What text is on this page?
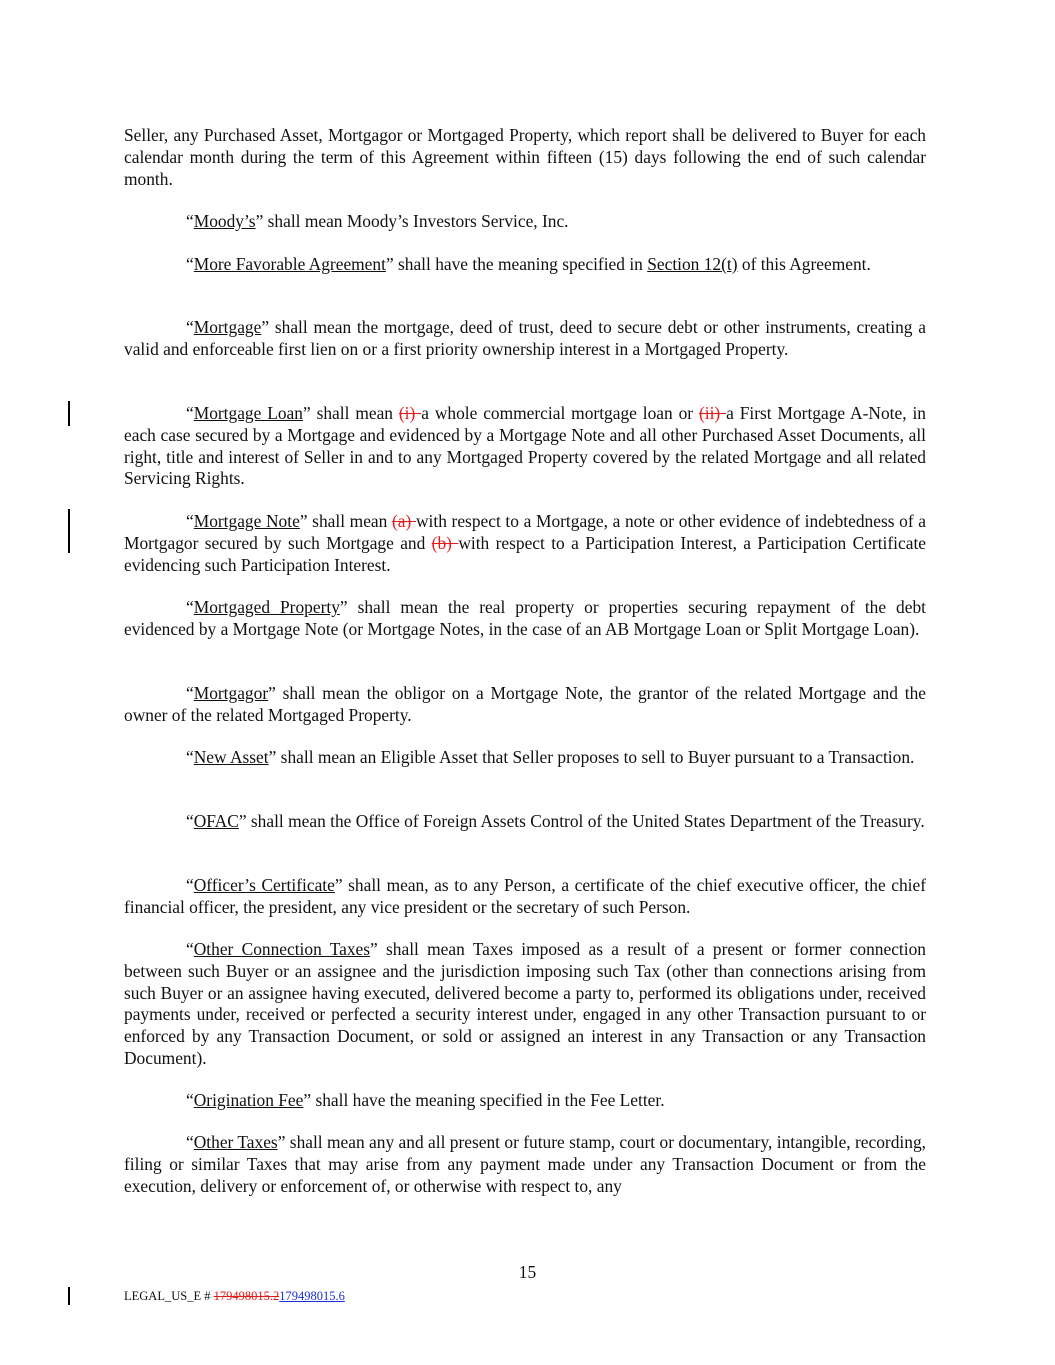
Seller, any Purchased Asset, Mortgagor or Mortgaged Property, which report shall be delivered to Buyer for each calendar month during the term of this Agreement within fifteen (15) days following the end of such calendar month.

“Moody’s” shall mean Moody’s Investors Service, Inc.

“More Favorable Agreement” shall have the meaning specified in Section 12(t) of this Agreement.

“Mortgage” shall mean the mortgage, deed of trust, deed to secure debt or other instruments, creating a valid and enforceable first lien on or a first priority ownership interest in a Mortgaged Property.

“Mortgage Loan” shall mean (i) a whole commercial mortgage loan or (ii) a First Mortgage A-Note, in each case secured by a Mortgage and evidenced by a Mortgage Note and all other Purchased Asset Documents, all right, title and interest of Seller in and to any Mortgaged Property covered by the related Mortgage and all related Servicing Rights.

“Mortgage Note” shall mean (a) with respect to a Mortgage, a note or other evidence of indebtedness of a Mortgagor secured by such Mortgage and (b) with respect to a Participation Interest, a Participation Certificate evidencing such Participation Interest.

“Mortgaged Property” shall mean the real property or properties securing repayment of the debt evidenced by a Mortgage Note (or Mortgage Notes, in the case of an AB Mortgage Loan or Split Mortgage Loan).

“Mortgagor” shall mean the obligor on a Mortgage Note, the grantor of the related Mortgage and the owner of the related Mortgaged Property.

“New Asset” shall mean an Eligible Asset that Seller proposes to sell to Buyer pursuant to a Transaction.

“OFAC” shall mean the Office of Foreign Assets Control of the United States Department of the Treasury.

“Officer’s Certificate” shall mean, as to any Person, a certificate of the chief executive officer, the chief financial officer, the president, any vice president or the secretary of such Person.

“Other Connection Taxes” shall mean Taxes imposed as a result of a present or former connection between such Buyer or an assignee and the jurisdiction imposing such Tax (other than connections arising from such Buyer or an assignee having executed, delivered become a party to, performed its obligations under, received payments under, received or perfected a security interest under, engaged in any other Transaction pursuant to or enforced by any Transaction Document, or sold or assigned an interest in any Transaction or any Transaction Document).

“Origination Fee” shall have the meaning specified in the Fee Letter.

“Other Taxes” shall mean any and all present or future stamp, court or documentary, intangible, recording, filing or similar Taxes that may arise from any payment made under any Transaction Document or from the execution, delivery or enforcement of, or otherwise with respect to, any

15
LEGAL_US_E # 179498015.2179498015.6
